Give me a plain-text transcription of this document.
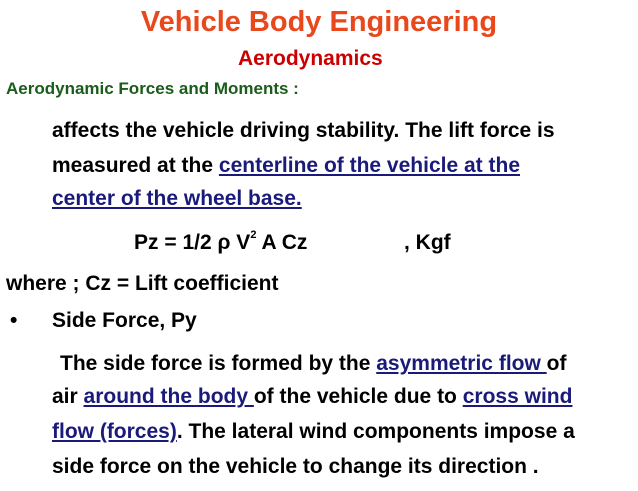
Vehicle Body Engineering
Aerodynamics
Aerodynamic Forces and Moments :
affects the vehicle driving stability. The lift force is
measured at the centerline of the vehicle at the
center of the wheel base.
Pz = 1/2 ρ $V^2$ A Cz	, Kgf
where ; Cz = Lift coefficient
• Side Force, Py
The side force is formed by the asymmetric flow of
air around the body of the vehicle due to cross wind
flow (forces). The lateral wind components impose a
side force on the vehicle to change its direction .
